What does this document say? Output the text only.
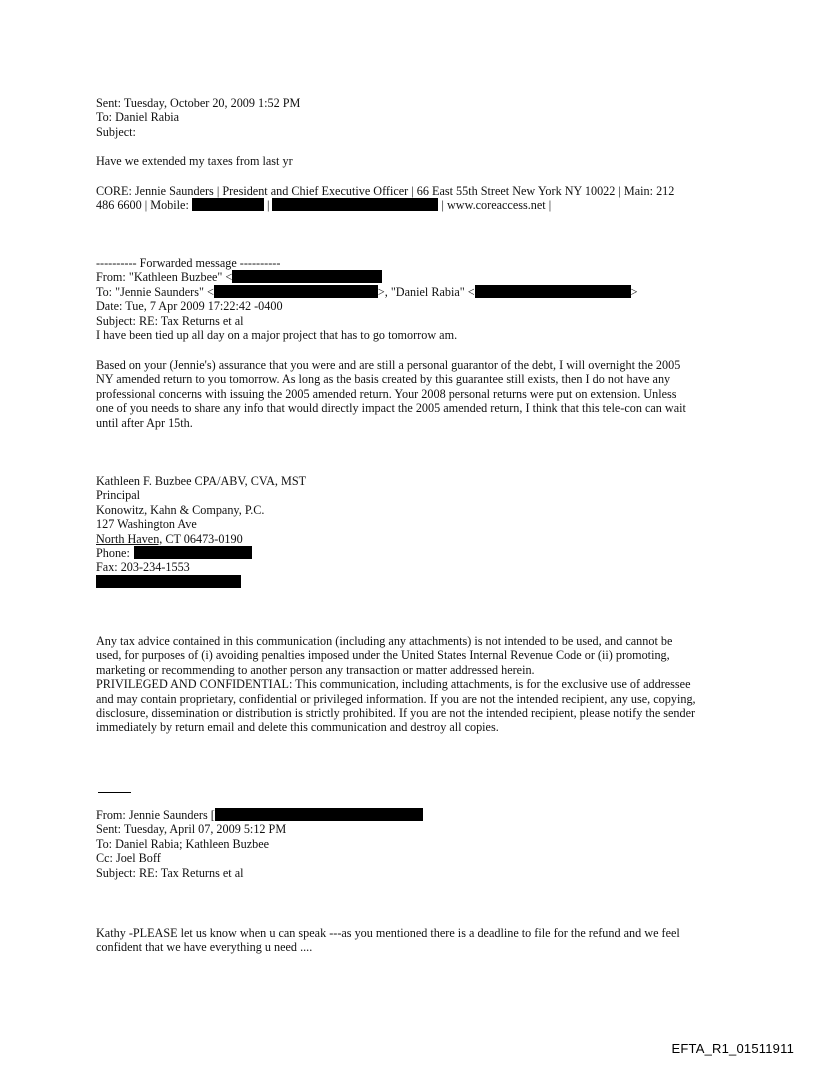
Sent: Tuesday, October 20, 2009 1:52 PM
To: Daniel Rabia
Subject:
Have we extended my taxes from last yr
CORE: Jennie Saunders | President and Chief Executive Officer | 66 East 55th Street New York NY 10022 | Main: 212
486 6600 | Mobile:	|	| www.coreaccess.net |
---------- Forwarded message ----------
From: "Kathleen Buzbee" <
To: "Jennie Saunders" <	>, "Daniel Rabia" <	>
Date: Tue, 7 Apr 2009 17:22:42 -0400
Subject: RE: Tax Returns et al
I have been tied up all day on a major project that has to go tomorrow am.
Based on your (Jennie's) assurance that you were and are still a personal guarantor of the debt, I will overnight the 2005
NY amended return to you tomorrow. As long as the basis created by this guarantee still exists, then I do not have any
professional concerns with issuing the 2005 amended return. Your 2008 personal returns were put on extension. Unless
one of you needs to share any info that would directly impact the 2005 amended return, I think that this tele-con can wait
until after Apr 15th.
Kathleen F. Buzbee CPA/ABV, CVA, MST
Principal
Konowitz, Kahn & Company, P.C.
127 Washington Ave
North Haven, CT 06473-0190
Phone:
Fax: 203-234-1553
Any tax advice contained in this communication (including any attachments) is not intended to be used, and cannot be
used, for purposes of (i) avoiding penalties imposed under the United States Internal Revenue Code or (ii) promoting,
marketing or recommending to another person any transaction or matter addressed herein.
PRIVILEGED AND CONFIDENTIAL: This communication, including attachments, is for the exclusive use of addressee
and may contain proprietary, confidential or privileged information. If you are not the intended recipient, any use, copying,
disclosure, dissemination or distribution is strictly prohibited. If you are not the intended recipient, please notify the sender
immediately by return email and delete this communication and destroy all copies.
From: Jennie Saunders [
Sent: Tuesday, April 07, 2009 5:12 PM
To: Daniel Rabia; Kathleen Buzbee
Cc: Joel Boff
Subject: RE: Tax Returns et al
Kathy -PLEASE let us know when u can speak ---as you mentioned there is a deadline to file for the refund and we feel
confident that we have everything u need ....
EFTA_R1_01511911
